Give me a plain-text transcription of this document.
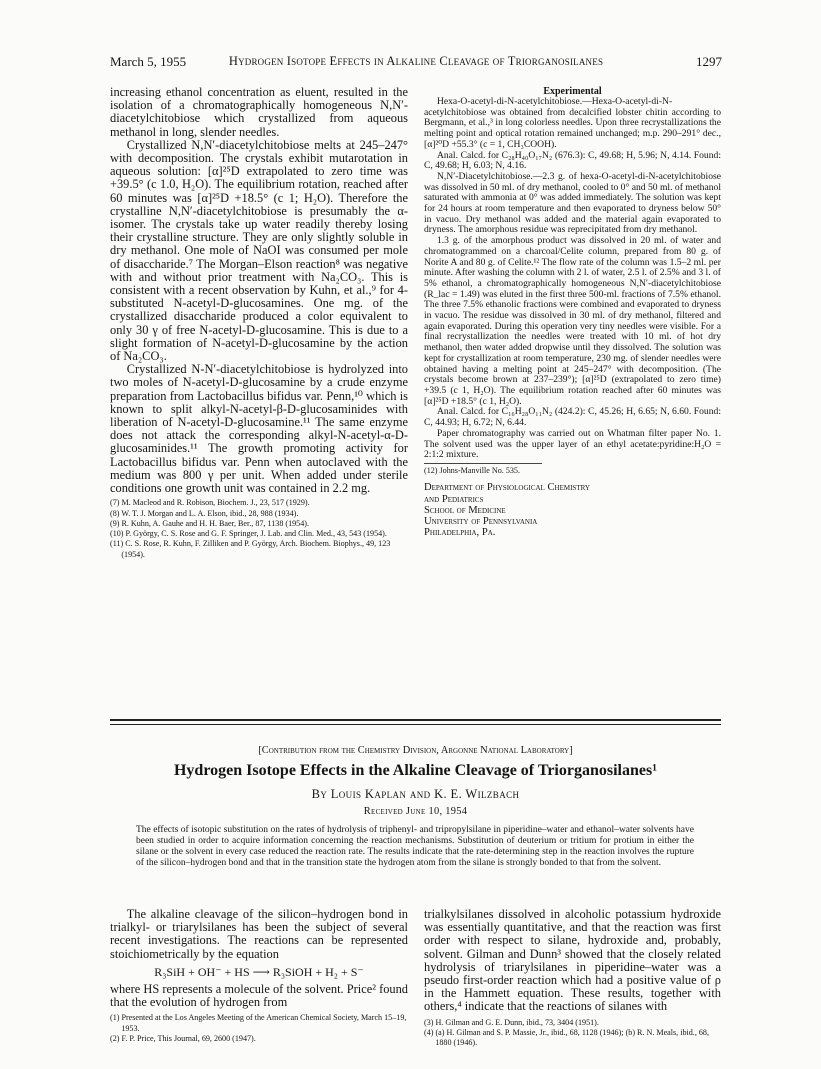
March 5, 1955	Hydrogen Isotope Effects in Alkaline Cleavage of Triorganosilanes	1297

increasing ethanol concentration as eluent, resulted in the isolation of a chromatographically homogeneous N,N′-diacetylchitobiose which crystallized from aqueous methanol in long, slender needles.

Crystallized N,N′-diacetylchitobiose melts at 245–247° with decomposition. The crystals exhibit mutarotation in aqueous solution: [α]²⁵D extrapolated to zero time was +39.5° (c 1.0, H₂O). The equilibrium rotation, reached after 60 minutes was [α]²⁵D +18.5° (c 1; H₂O). Therefore the crystalline N,N′-diacetylchitobiose is presumably the α-isomer. The crystals take up water readily thereby losing their crystalline structure. They are only slightly soluble in dry methanol. One mole of NaOI was consumed per mole of disaccharide.⁷ The Morgan–Elson reaction⁸ was negative with and without prior treatment with Na₂CO₃. This is consistent with a recent observation by Kuhn, et al.,⁹ for 4-substituted N-acetyl-D-glucosamines. One mg. of the crystallized disaccharide produced a color equivalent to only 30 γ of free N-acetyl-D-glucosamine. This is due to a slight formation of N-acetyl-D-glucosamine by the action of Na₂CO₃.

Crystallized N-N′-diacetylchitobiose is hydrolyzed into two moles of N-acetyl-D-glucosamine by a crude enzyme preparation from Lactobacillus bifidus var. Penn,¹⁰ which is known to split alkyl-N-acetyl-β-D-glucosaminides with liberation of N-acetyl-D-glucosamine.¹¹ The same enzyme does not attack the corresponding alkyl-N-acetyl-α-D-glucosaminides.¹¹ The growth promoting activity for Lactobacillus bifidus var. Penn when autoclaved with the medium was 800 γ per unit. When added under sterile conditions one growth unit was contained in 2.2 mg.

(7) M. Macleod and R. Robison, Biochem. J., 23, 517 (1929).

(8) W. T. J. Morgan and L. A. Elson, ibid., 28, 988 (1934).

(9) R. Kuhn, A. Gauhe and H. H. Baer, Ber., 87, 1138 (1954).

(10) P. György, C. S. Rose and G. F. Springer, J. Lab. and Clin. Med., 43, 543 (1954).

(11) C. S. Rose, R. Kuhn, F. Zilliken and P. György, Arch. Biochem. Biophys., 49, 123 (1954).

Experimental

Hexa-O-acetyl-di-N-acetylchitobiose.—Hexa-O-acetyl-di-N-acetylchitobiose was obtained from decalcified lobster chitin according to Bergmann, et al.,³ in long colorless needles. Upon three recrystallizations the melting point and optical rotation remained unchanged; m.p. 290–291° dec., [α]²⁰D +55.3° (c = 1, CH₃COOH).

Anal. Calcd. for C₂₈H₄₀O₁₇N₂ (676.3): C, 49.68; H, 5.96; N, 4.14. Found: C, 49.68; H, 6.03; N, 4.16.

N,N′-Diacetylchitobiose.—2.3 g. of hexa-O-acetyl-di-N-acetylchitobiose was dissolved in 50 ml. of dry methanol, cooled to 0° and 50 ml. of methanol saturated with ammonia at 0° was added immediately. The solution was kept for 24 hours at room temperature and then evaporated to dryness below 50° in vacuo. Dry methanol was added and the material again evaporated to dryness. The amorphous residue was reprecipitated from dry methanol.

1.3 g. of the amorphous product was dissolved in 20 ml. of water and chromatogrammed on a charcoal/Celite column, prepared from 80 g. of Norite A and 80 g. of Celite.¹² The flow rate of the column was 1.5–2 ml. per minute. After washing the column with 2 l. of water, 2.5 l. of 2.5% and 3 l. of 5% ethanol, a chromatographically homogeneous N,N′-diacetylchitobiose (R_lac = 1.49) was eluted in the first three 500-ml. fractions of 7.5% ethanol. The three 7.5% ethanolic fractions were combined and evaporated to dryness in vacuo. The residue was dissolved in 30 ml. of dry methanol, filtered and again evaporated. During this operation very tiny needles were visible. For a final recrystallization the needles were treated with 10 ml. of hot dry methanol, then water added dropwise until they dissolved. The solution was kept for crystallization at room temperature, 230 mg. of slender needles were obtained having a melting point at 245–247° with decomposition. (The crystals become brown at 237–239°); [α]²⁵D (extrapolated to zero time) +39.5 (c 1, H₂O). The equilibrium rotation reached after 60 minutes was [α]²⁵D +18.5° (c 1, H₂O).

Anal. Calcd. for C₁₆H₂₈O₁₁N₂ (424.2): C, 45.26; H, 6.65; N, 6.60. Found: C, 44.93; H, 6.72; N, 6.44.

Paper chromatography was carried out on Whatman filter paper No. 1. The solvent used was the upper layer of an ethyl acetate:pyridine:H₂O = 2:1:2 mixture.

(12) Johns-Manville No. 535.

Department of Physiological Chemistry
and Pediatrics
School of Medicine
University of Pennsylvania
Philadelphia, Pa.
[Contribution from the Chemistry Division, Argonne National Laboratory]
Hydrogen Isotope Effects in the Alkaline Cleavage of Triorganosilanes¹
By Louis Kaplan and K. E. Wilzbach
Received June 10, 1954
The effects of isotopic substitution on the rates of hydrolysis of triphenyl- and tripropylsilane in piperidine–water and ethanol–water solvents have been studied in order to acquire information concerning the reaction mechanisms. Substitution of deuterium or tritium for protium in either the silane or the solvent in every case reduced the reaction rate. The results indicate that the rate-determining step in the reaction involves the rupture of the silicon–hydrogen bond and that in the transition state the hydrogen atom from the silane is strongly bonded to that from the solvent.

The alkaline cleavage of the silicon–hydrogen bond in trialkyl- or triarylsilanes has been the subject of several recent investigations. The reactions can be represented stoichiometrically by the equation

R₃SiH + OH⁻ + HS ⟶ R₃SiOH + H₂ + S⁻

where HS represents a molecule of the solvent. Price² found that the evolution of hydrogen from

(1) Presented at the Los Angeles Meeting of the American Chemical Society, March 15–19, 1953.

(2) F. P. Price, This Journal, 69, 2600 (1947).

trialkylsilanes dissolved in alcoholic potassium hydroxide was essentially quantitative, and that the reaction was first order with respect to silane, hydroxide and, probably, solvent. Gilman and Dunn³ showed that the closely related hydrolysis of triarylsilanes in piperidine–water was a pseudo first-order reaction which had a positive value of ρ in the Hammett equation. These results, together with others,⁴ indicate that the reactions of silanes with

(3) H. Gilman and G. E. Dunn, ibid., 73, 3404 (1951).

(4) (a) H. Gilman and S. P. Massie, Jr., ibid., 68, 1128 (1946); (b) R. N. Meals, ibid., 68, 1880 (1946).
